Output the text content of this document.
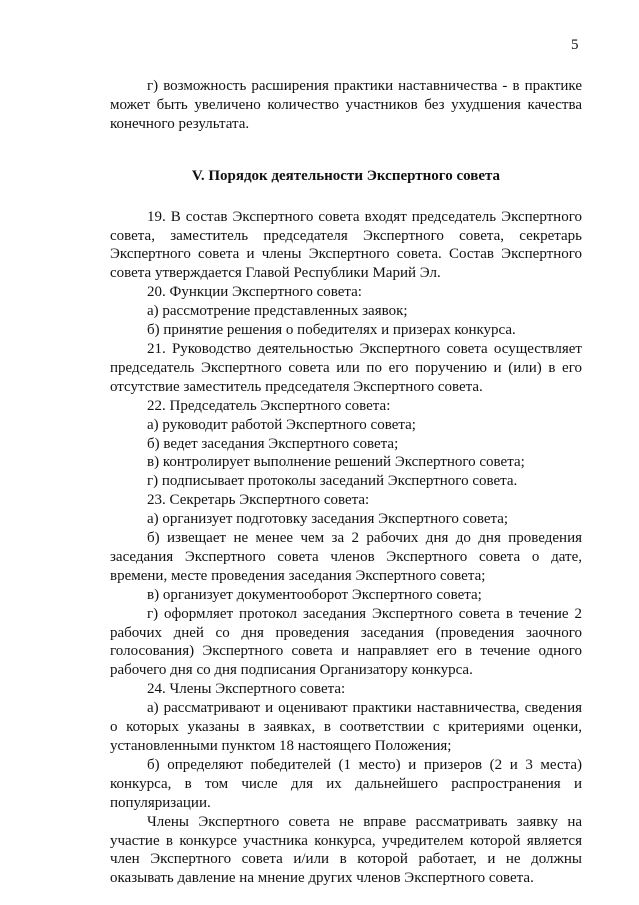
5

г) возможность расширения практики наставничества - в практике может быть увеличено количество участников без ухудшения качества конечного результата.

V. Порядок деятельности Экспертного совета

19. В состав Экспертного совета входят председатель Экспертного совета, заместитель председателя Экспертного совета, секретарь Экспертного совета и члены Экспертного совета. Состав Экспертного совета утверждается Главой Республики Марий Эл.

20. Функции Экспертного совета:

а) рассмотрение представленных заявок;

б) принятие решения о победителях и призерах конкурса.

21. Руководство деятельностью Экспертного совета осуществляет председатель Экспертного совета или по его поручению и (или) в его отсутствие заместитель председателя Экспертного совета.

22. Председатель Экспертного совета:

а) руководит работой Экспертного совета;

б) ведет заседания Экспертного совета;

в) контролирует выполнение решений Экспертного совета;

г) подписывает протоколы заседаний Экспертного совета.

23. Секретарь Экспертного совета:

а) организует подготовку заседания Экспертного совета;

б) извещает не менее чем за 2 рабочих дня до дня проведения заседания Экспертного совета членов Экспертного совета о дате, времени, месте проведения заседания Экспертного совета;

в) организует документооборот Экспертного совета;

г) оформляет протокол заседания Экспертного совета в течение 2 рабочих дней со дня проведения заседания (проведения заочного голосования) Экспертного совета и направляет его в течение одного рабочего дня со дня подписания Организатору конкурса.

24. Члены Экспертного совета:

а) рассматривают и оценивают практики наставничества, сведения о которых указаны в заявках, в соответствии с критериями оценки, установленными пунктом 18 настоящего Положения;

б) определяют победителей (1 место) и призеров (2 и 3 места) конкурса, в том числе для их дальнейшего распространения и популяризации.

Члены Экспертного совета не вправе рассматривать заявку на участие в конкурсе участника конкурса, учредителем которой является член Экспертного совета и/или в которой работает, и не должны оказывать давление на мнение других членов Экспертного совета.
